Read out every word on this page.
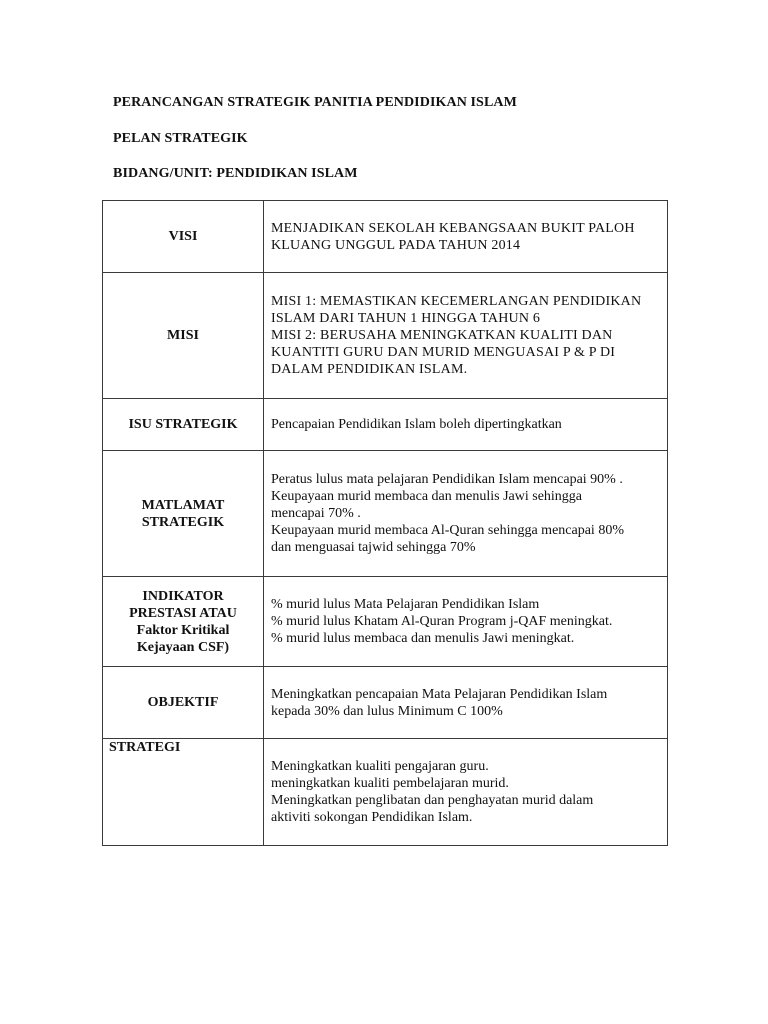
PERANCANGAN STRATEGIK PANITIA PENDIDIKAN ISLAM
PELAN STRATEGIK
BIDANG/UNIT: PENDIDIKAN ISLAM
VISI	MENJADIKAN SEKOLAH KEBANGSAAN BUKIT PALOH
KLUANG UNGGUL PADA TAHUN 2014

MISI	MISI 1: MEMASTIKAN KECEMERLANGAN PENDIDIKAN
ISLAM DARI TAHUN 1 HINGGA TAHUN 6
MISI 2: BERUSAHA MENINGKATKAN KUALITI DAN
KUANTITI GURU DAN MURID MENGUASAI P & P DI
DALAM PENDIDIKAN ISLAM.

ISU STRATEGIK	Pencapaian Pendidikan Islam boleh dipertingkatkan

MATLAMAT
STRATEGIK	Peratus lulus mata pelajaran Pendidikan Islam mencapai 90% .
Keupayaan murid membaca dan menulis Jawi sehingga
mencapai 70% .
Keupayaan murid membaca Al-Quran sehingga mencapai 80%
dan menguasai tajwid sehingga 70%

INDIKATOR
PRESTASI ATAU
Faktor Kritikal
Kejayaan CSF)	% murid lulus Mata Pelajaran Pendidikan Islam
% murid lulus Khatam Al-Quran Program j-QAF meningkat.
% murid lulus membaca dan menulis Jawi meningkat.

OBJEKTIF	Meningkatkan pencapaian Mata Pelajaran Pendidikan Islam
kepada 30% dan lulus Minimum C 100%

STRATEGI	Meningkatkan kualiti pengajaran guru.
meningkatkan kualiti pembelajaran murid.
Meningkatkan penglibatan dan penghayatan murid dalam
aktiviti sokongan Pendidikan Islam.
